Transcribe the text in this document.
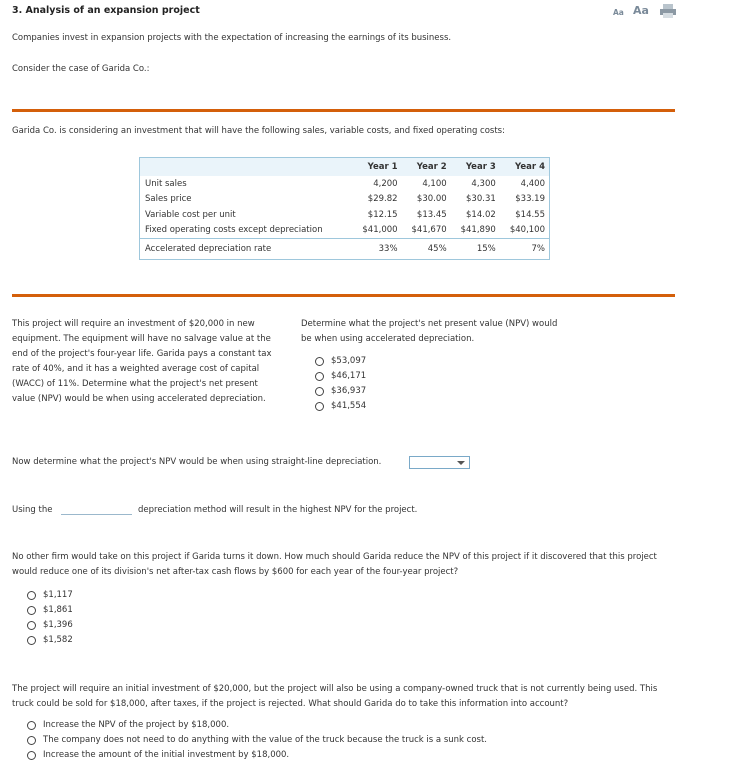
3. Analysis of an expansion project	Aa Aa
Companies invest in expansion projects with the expectation of increasing the earnings of its business.
Consider the case of Garida Co.:
Garida Co. is considering an investment that will have the following sales, variable costs, and fixed operating costs:
	Year 1	Year 2	Year 3	Year 4
Unit sales	4,200	4,100	4,300	4,400
Sales price	$29.82	$30.00	$30.31	$33.19
Variable cost per unit	$12.15	$13.45	$14.02	$14.55
Fixed operating costs except depreciation	$41,000	$41,670	$41,890	$40,100
Accelerated depreciation rate	33%	45%	15%	7%
This project will require an investment of $20,000 in new equipment. The equipment will have no salvage value at the end of the project's four-year life. Garida pays a constant tax rate of 40%, and it has a weighted average cost of capital (WACC) of 11%. Determine what the project's net present value (NPV) would be when using accelerated depreciation.
Determine what the project's net present value (NPV) would be when using accelerated depreciation.
$53,097
$46,171
$36,937
$41,554
Now determine what the project's NPV would be when using straight-line depreciation.
Using the	depreciation method will result in the highest NPV for the project.
No other firm would take on this project if Garida turns it down. How much should Garida reduce the NPV of this project if it discovered that this project would reduce one of its division's net after-tax cash flows by $600 for each year of the four-year project?
$1,117
$1,861
$1,396
$1,582
The project will require an initial investment of $20,000, but the project will also be using a company-owned truck that is not currently being used. This truck could be sold for $18,000, after taxes, if the project is rejected. What should Garida do to take this information into account?
Increase the NPV of the project by $18,000.
The company does not need to do anything with the value of the truck because the truck is a sunk cost.
Increase the amount of the initial investment by $18,000.
